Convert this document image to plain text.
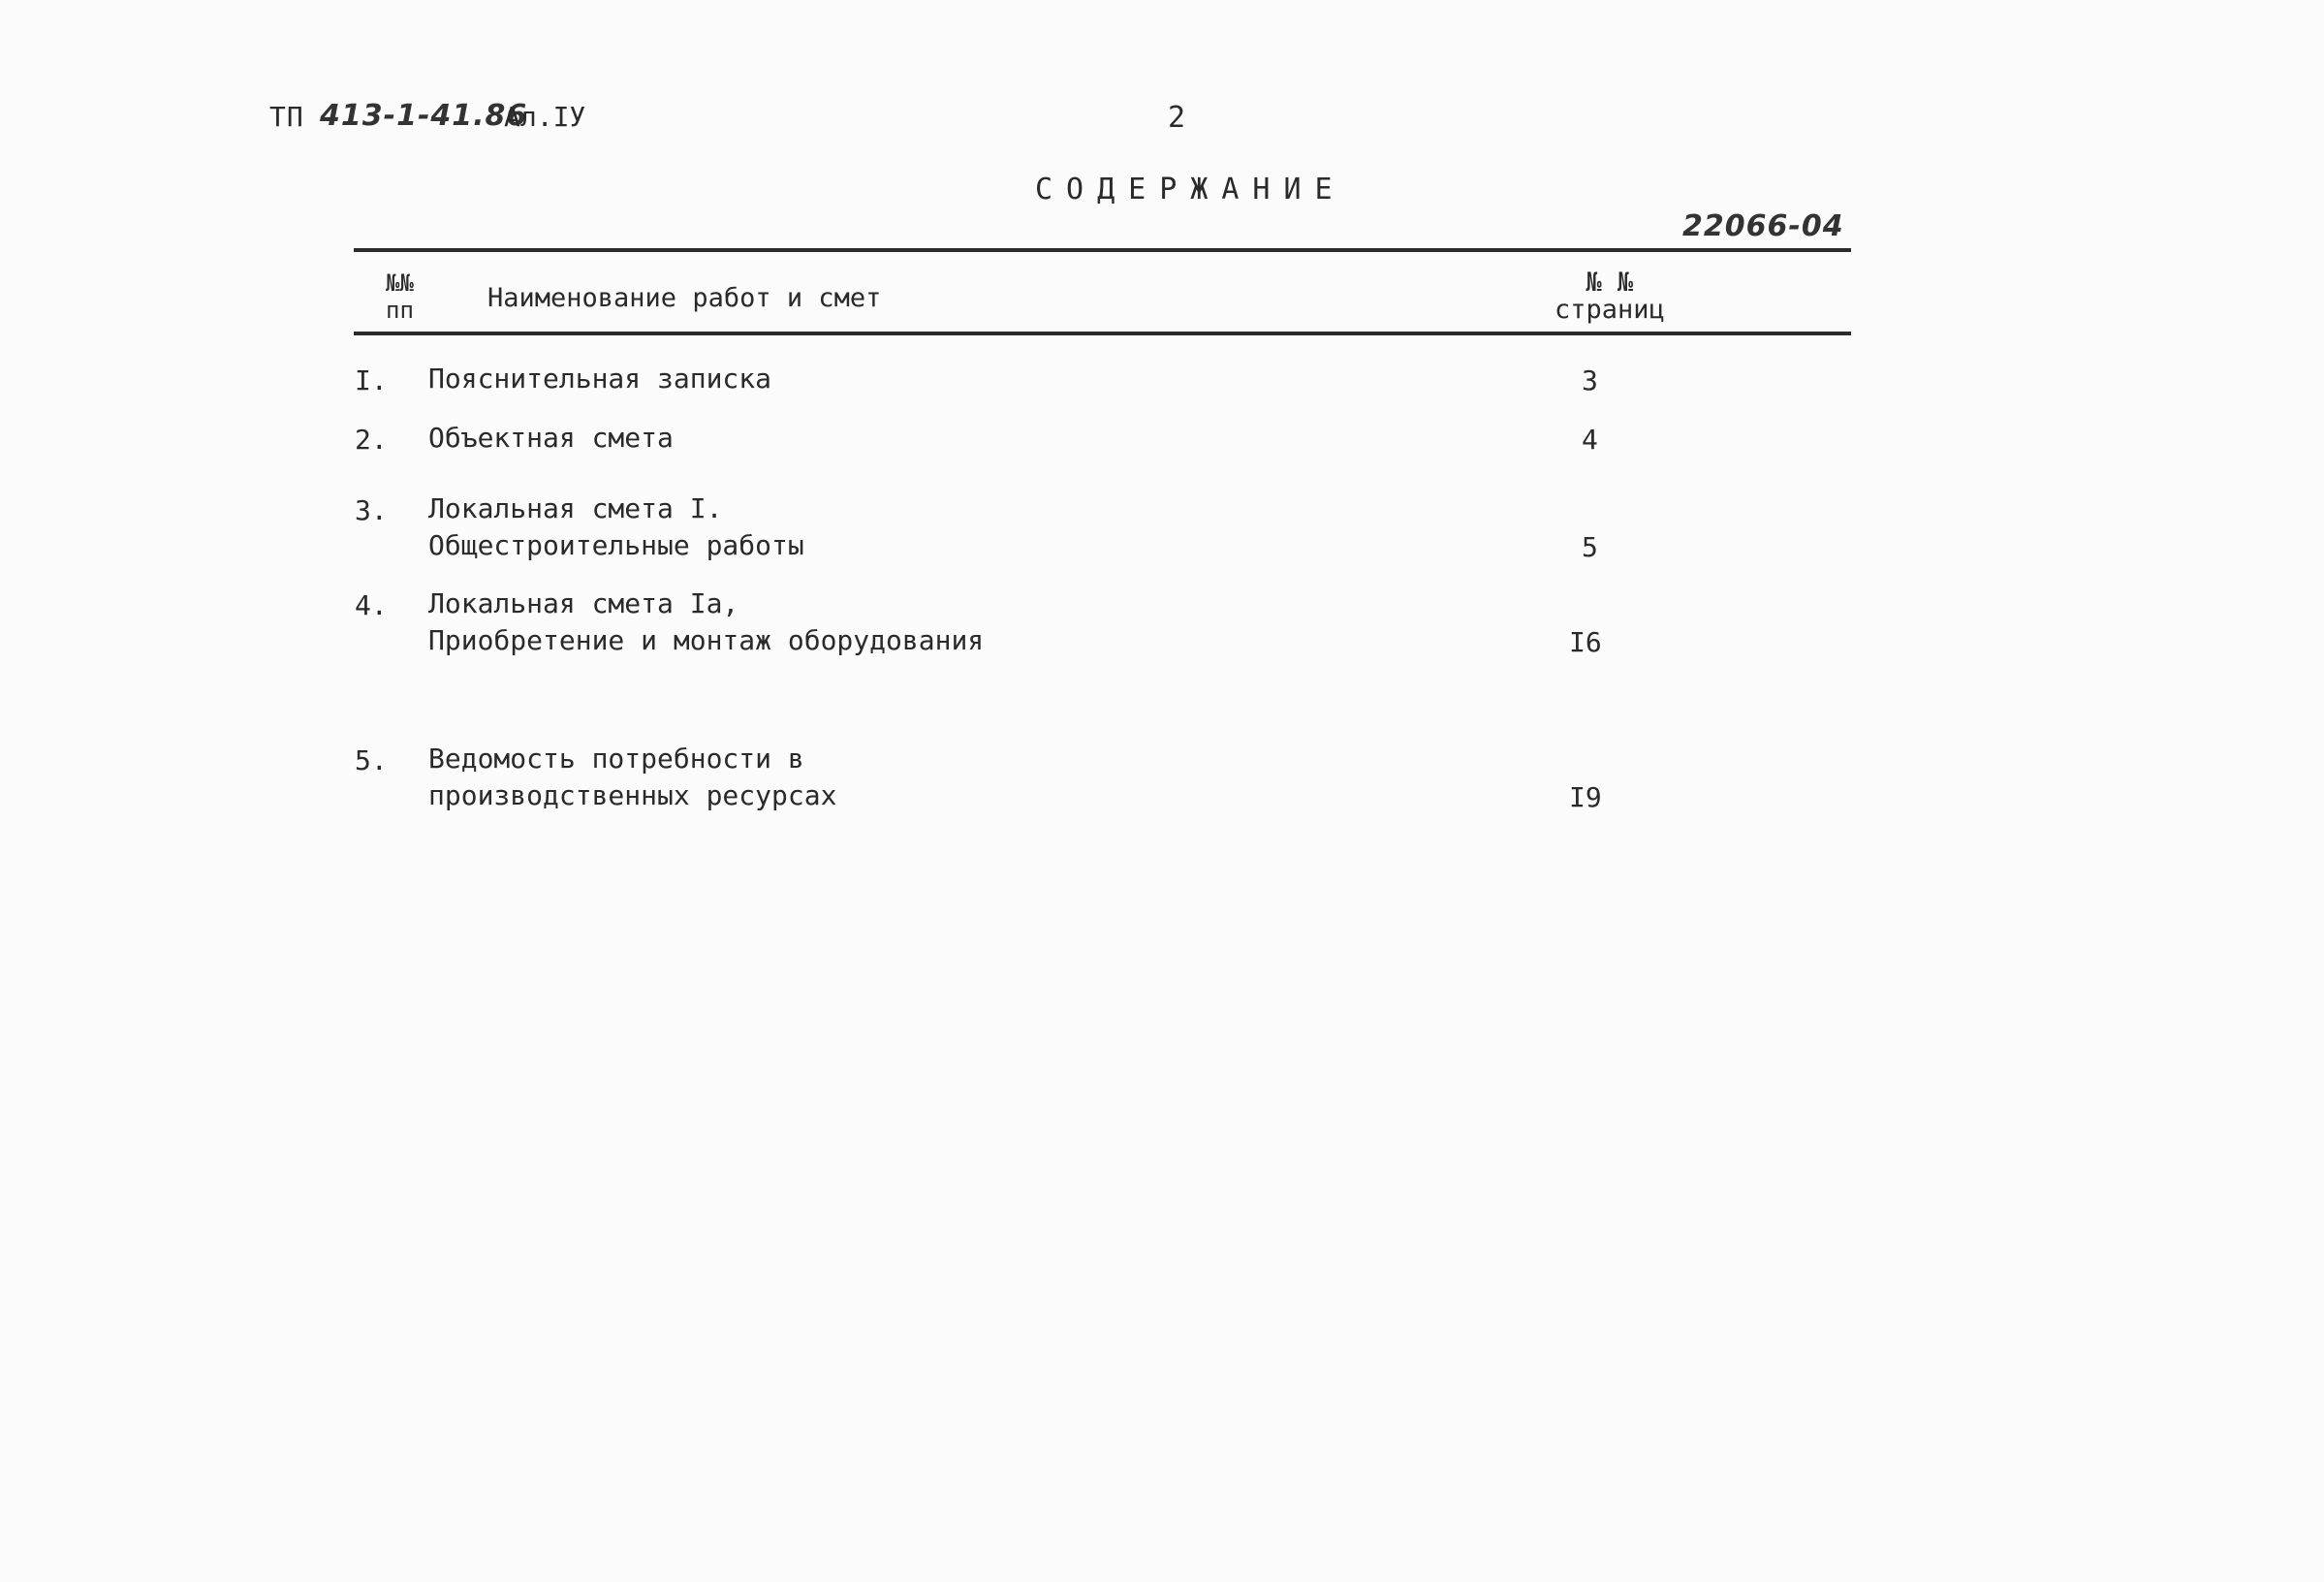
ТП 413-1-41.86
Ал.ІУ	2
СОДЕРЖАНИЕ
22066-04
№№
пп	Наименование работ и смет
№ №
страниц
I. Пояснительная записка	3
2. Объектная смета	4
3. Локальная смета I.
Общестроительные работы	5
4. Локальная смета Iа,
Приобретение и монтаж оборудования	I6
5. Ведомость потребности в
производственных ресурсах	I9
